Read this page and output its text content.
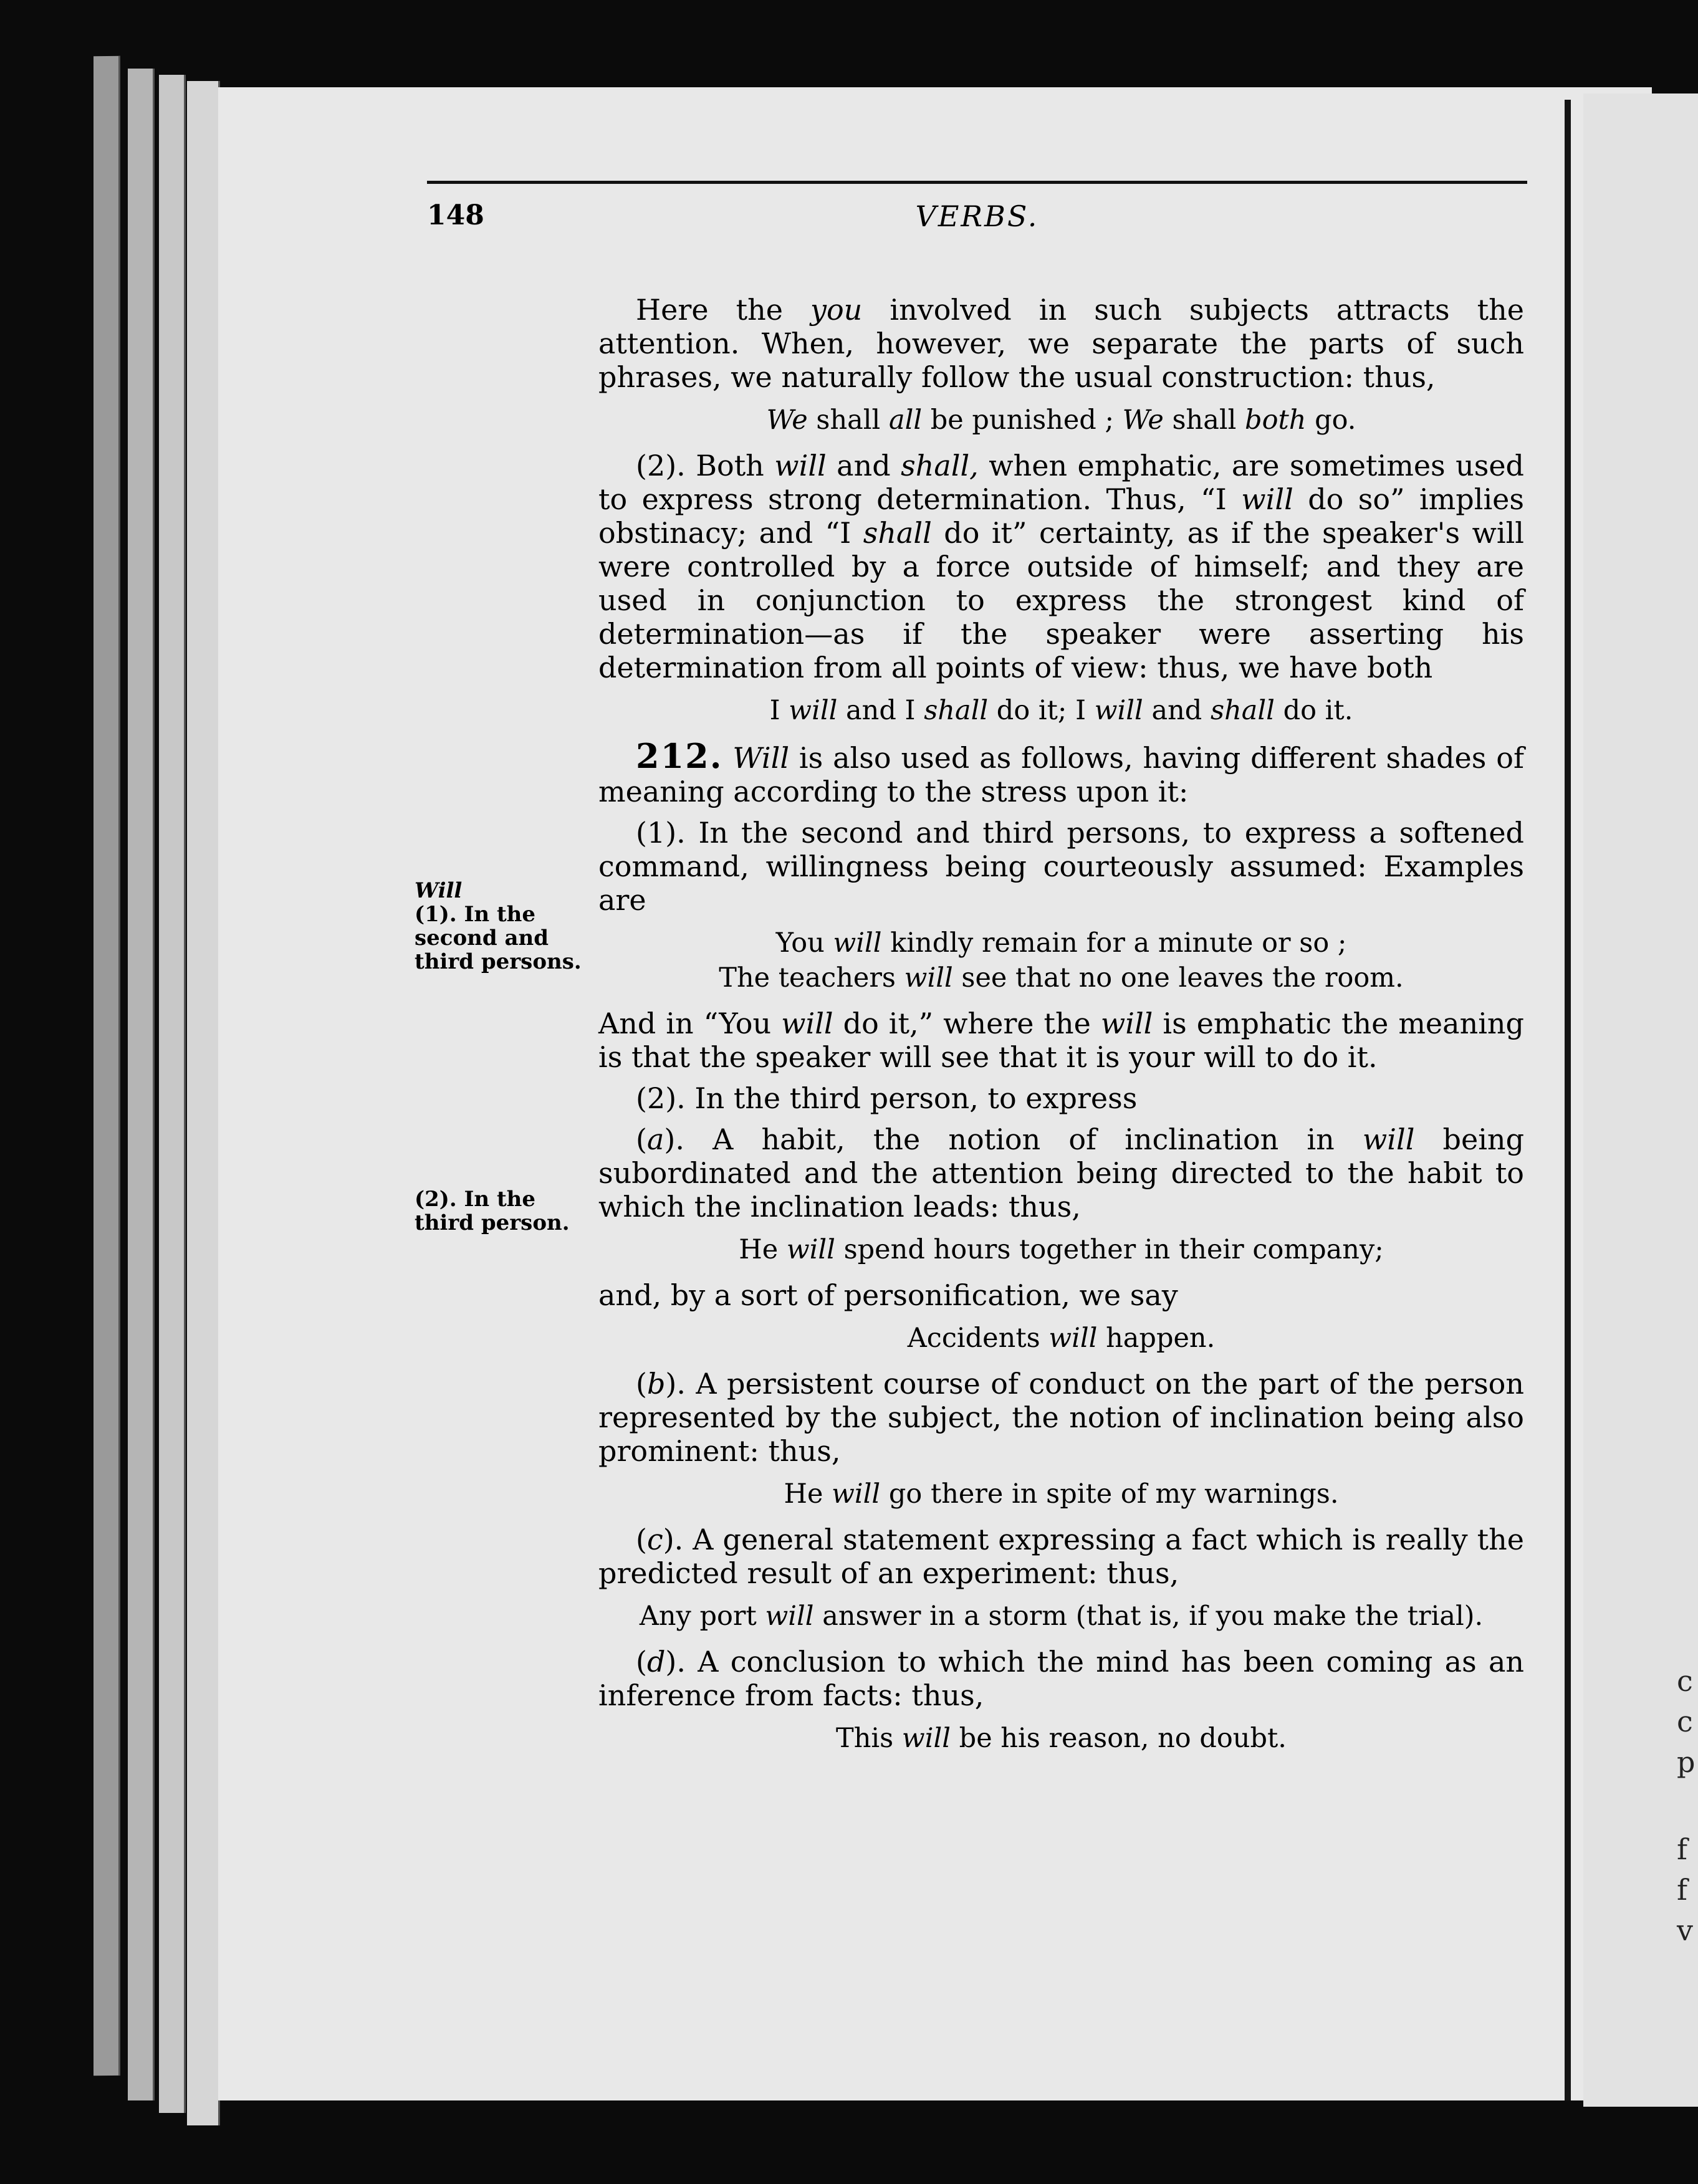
c
c
p
f
f
v
148	VERBS.
Will
(1). In the second and third persons.
(2). In the third person.

Here the you involved in such subjects attracts the attention. When, however, we separate the parts of such phrases, we naturally follow the usual construction: thus,

We shall all be punished ; We shall both go.

(2). Both will and shall, when emphatic, are sometimes used to express strong determination. Thus, “I will do so” implies obstinacy; and “I shall do it” certainty, as if the speaker's will were controlled by a force outside of himself; and they are used in conjunction to express the strongest kind of determination—as if the speaker were asserting his determination from all points of view: thus, we have both

I will and I shall do it; I will and shall do it.

212. Will is also used as follows, having different shades of meaning according to the stress upon it:

(1). In the second and third persons, to express a softened command, willingness being courteously assumed: Examples are

You will kindly remain for a minute or so ;
The teachers will see that no one leaves the room.

And in “You will do it,” where the will is emphatic the meaning is that the speaker will see that it is your will to do it.

(2). In the third person, to express

(a). A habit, the notion of inclination in will being subordinated and the attention being directed to the habit to which the inclination leads: thus,

He will spend hours together in their company;

and, by a sort of personification, we say

Accidents will happen.

(b). A persistent course of conduct on the part of the person represented by the subject, the notion of inclination being also prominent: thus,

He will go there in spite of my warnings.

(c). A general statement expressing a fact which is really the predicted result of an experiment: thus,

Any port will answer in a storm (that is, if you make the trial).

(d). A conclusion to which the mind has been coming as an inference from facts: thus,

This will be his reason, no doubt.
